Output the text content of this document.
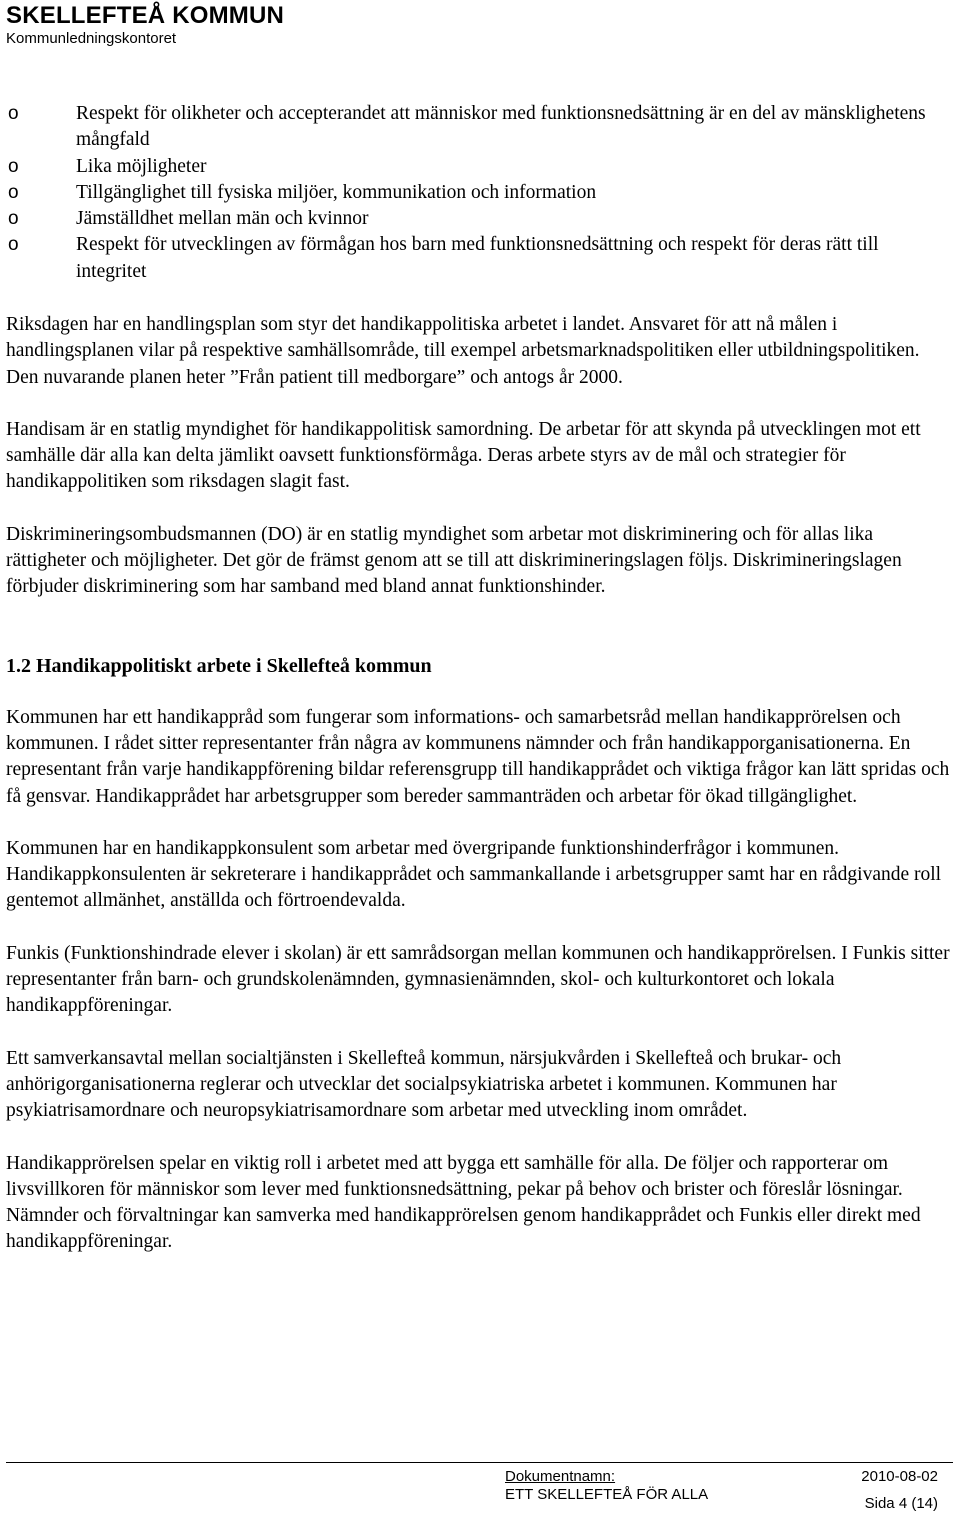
SKELLEFTEÅ KOMMUN
Kommunledningskontoret
o	Respekt för olikheter och accepterandet att människor med funktionsnedsättning är en del av mänsklighetens mångfald
o	Lika möjligheter
o	Tillgänglighet till fysiska miljöer, kommunikation och information
o	Jämställdhet mellan män och kvinnor
o	Respekt för utvecklingen av förmågan hos barn med funktionsnedsättning och respekt för deras rätt till integritet

Riksdagen har en handlingsplan som styr det handikappolitiska arbetet i landet. Ansvaret för att nå målen i handlingsplanen vilar på respektive samhällsområde, till exempel arbetsmarknadspolitiken eller utbildningspolitiken. Den nuvarande planen heter ”Från patient till medborgare” och antogs år 2000.

Handisam är en statlig myndighet för handikappolitisk samordning. De arbetar för att skynda på utvecklingen mot ett samhälle där alla kan delta jämlikt oavsett funktionsförmåga. Deras arbete styrs av de mål och strategier för handikappolitiken som riksdagen slagit fast.

Diskrimineringsombudsmannen (DO) är en statlig myndighet som arbetar mot diskriminering och för allas lika rättigheter och möjligheter. Det gör de främst genom att se till att diskrimineringslagen följs. Diskrimineringslagen förbjuder diskriminering som har samband med bland annat funktionshinder.

1.2 Handikappolitiskt arbete i Skellefteå kommun

Kommunen har ett handikappråd som fungerar som informations- och samarbetsråd mellan handikapprörelsen och kommunen. I rådet sitter representanter från några av kommunens nämnder och från handikapporganisationerna. En representant från varje handikappförening bildar referensgrupp till handikapprådet och viktiga frågor kan lätt spridas och få gensvar. Handikapprådet har arbetsgrupper som bereder sammanträden och arbetar för ökad tillgänglighet.

Kommunen har en handikappkonsulent som arbetar med övergripande funktionshinderfrågor i kommunen. Handikappkonsulenten är sekreterare i handikapprådet och sammankallande i arbetsgrupper samt har en rådgivande roll gentemot allmänhet, anställda och förtroendevalda.

Funkis (Funktionshindrade elever i skolan) är ett samrådsorgan mellan kommunen och handikapprörelsen. I Funkis sitter representanter från barn- och grundskolenämnden, gymnasienämnden, skol- och kulturkontoret och lokala handikappföreningar.

Ett samverkansavtal mellan socialtjänsten i Skellefteå kommun, närsjukvården i Skellefteå och brukar- och anhörigorganisationerna reglerar och utvecklar det socialpsykiatriska arbetet i kommunen. Kommunen har psykiatrisamordnare och neuropsykiatrisamordnare som arbetar med utveckling inom området.

Handikapprörelsen spelar en viktig roll i arbetet med att bygga ett samhälle för alla. De följer och rapporterar om livsvillkoren för människor som lever med funktionsnedsättning, pekar på behov och brister och föreslår lösningar. Nämnder och förvaltningar kan samverka med handikapprörelsen genom handikapprådet och Funkis eller direkt med handikappföreningar.

Dokumentnamn:
ETT SKELLEFTEÅ FÖR ALLA
2010-08-02
Sida 4 (14)
